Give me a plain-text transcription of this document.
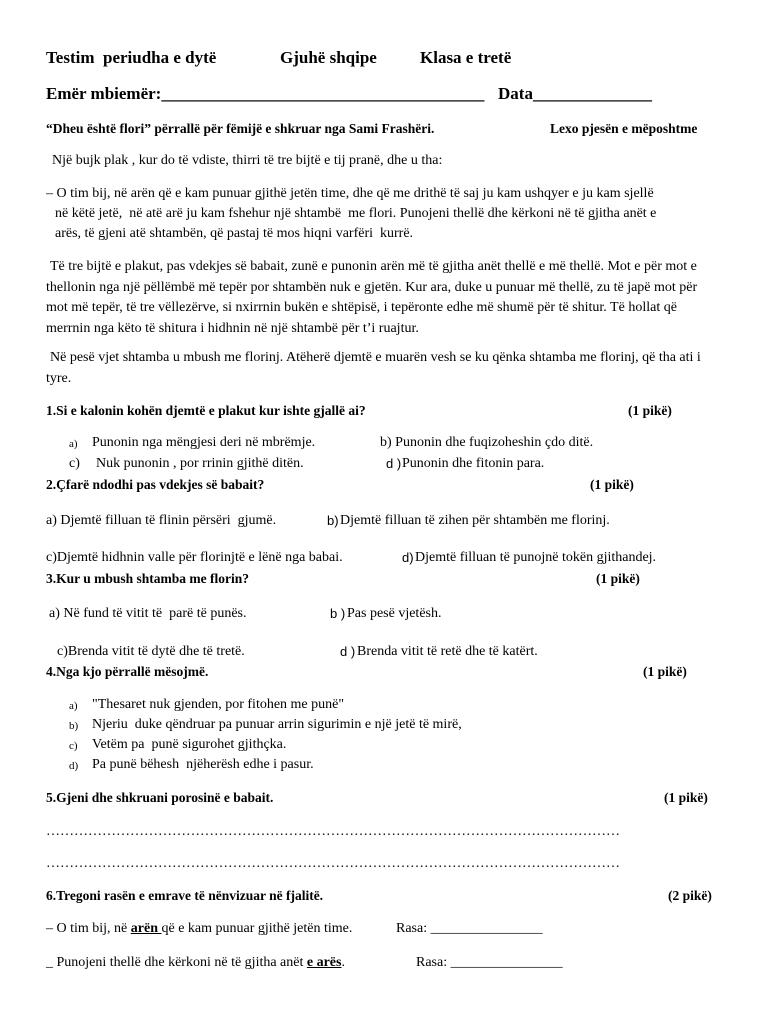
Testim  periudha e dytë	Gjuhë shqipe	Klasa e tretë
Emër mbiemër:______________________________________ Data______________
“Dheu është flori” përrallë për fëmijë e shkruar nga Sami Frashëri.	Lexo pjesën e mëposhtme
Një bujk plak , kur do të vdiste, thirri të tre bijtë e tij pranë, dhe u tha:
– O tim bij, në arën që e kam punuar gjithë jetën time, dhe që me drithë të saj ju kam ushqyer e ju kam sjellë
në këtë jetë,  në atë arë ju kam fshehur një shtambë  me flori. Punojeni thellë dhe kërkoni në të gjitha anët e
arës, të gjeni atë shtambën, që pastaj të mos hiqni varfëri  kurrë.
Të tre bijtë e plakut, pas vdekjes së babait, zunë e punonin arën më të gjitha anët thellë e më thellë. Mot e për mot e thellonin nga një pëllëmbë më tepër por shtambën nuk e gjetën. Kur ara, duke u punuar më thellë, zu të japë mot për mot më tepër, të tre vëllezërve, si nxirrnin bukën e shtëpisë, i tepëronte edhe më shumë për të shitur. Të hollat që merrnin nga këto të shitura i hidhnin në një shtambë për t’i ruajtur.
Në pesë vjet shtamba u mbush me florinj. Atëherë djemtë e muarën vesh se ku qënka shtamba me florinj, që tha ati i tyre.
1.Si e kalonin kohën djemtë e plakut kur ishte gjallë ai?	(1 pikë)
a) Punonin nga mëngjesi deri në mbrëmje.	b) Punonin dhe fuqizoheshin çdo ditë.
c) Nuk punonin , por rrinin gjithë ditën.	d ) Punonin dhe fitonin para.
2.Çfarë ndodhi pas vdekjes së babait?	(1 pikë)
a) Djemtë filluan të flinin përsëri  gjumë.	b) Djemtë filluan të zihen për shtambën me florinj.
c)Djemtë hidhnin valle për florinjtë e lënë nga babai.	d) Djemtë filluan të punojnë tokën gjithandej.
3.Kur u mbush shtamba me florin?	(1 pikë)
a) Në fund të vitit të  parë të punës.	b ) Pas pesë vjetësh.
c)Brenda vitit të dytë dhe të tretë.	d ) Brenda vitit të retë dhe të katërt.
4.Nga kjo përrallë mësojmë.	(1 pikë)
a) "Thesaret nuk gjenden, por fitohen me punë"
b) Njeriu  duke qëndruar pa punuar arrin sigurimin e një jetë të mirë,
c) Vetëm pa  punë sigurohet gjithçka.
d) Pa punë bëhesh  njëherësh edhe i pasur.
5.Gjeni dhe shkruani porosinë e babait.	(1 pikë)
……………………………………………………………………………………………………………
……………………………………………………………………………………………………………
6.Tregoni rasën e emrave të nënvizuar në fjalitë.	(2 pikë)
– O tim bij, në arën që e kam punuar gjithë jetën time.	Rasa: ________________
_ Punojeni thellë dhe kërkoni në të gjitha anët e arës.	Rasa: ________________
